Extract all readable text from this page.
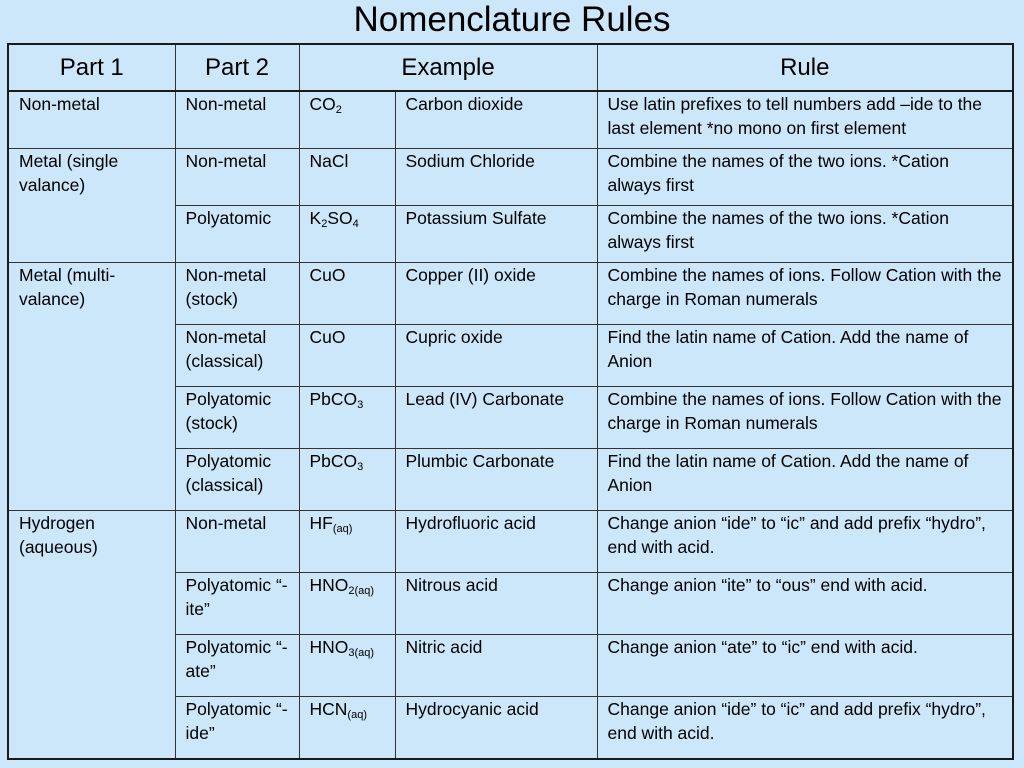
Nomenclature Rules
Part 1	Part 2	Example		Rule
Non-metal	Non-metal	$CO_2$	Carbon dioxide	Use latin prefixes to tell numbers add –ide to the last element *no mono on first element
Metal (single valance)	Non-metal	NaCl	Sodium Chloride	Combine the names of the two ions. *Cation always first
	Polyatomic	$K_2SO_4$	Potassium Sulfate	Combine the names of the two ions. *Cation always first
Metal (multi-valance)	Non-metal (stock)	CuO	Copper (II) oxide	Combine the names of ions. Follow Cation with the charge in Roman numerals
	Non-metal (classical)	CuO	Cupric oxide	Find the latin name of Cation. Add the name of Anion
	Polyatomic (stock)	PbCO$_3$	Lead (IV) Carbonate	Combine the names of ions. Follow Cation with the charge in Roman numerals
	Polyatomic (classical)	PbCO$_3$	Plumbic Carbonate	Find the latin name of Cation. Add the name of Anion
Hydrogen (aqueous)	Non-metal	$HF_{(aq)}$	Hydrofluoric acid	Change anion “ide” to “ic” and add prefix “hydro”, end with acid.
	Polyatomic “-ite”	$HNO_{2(aq)}$	Nitrous acid	Change anion “ite” to “ous” end with acid.
	Polyatomic “-ate”	$HNO_{3(aq)}$	Nitric acid	Change anion “ate” to “ic” end with acid.
	Polyatomic “-ide”	$HCN_{(aq)}$	Hydrocyanic acid	Change anion “ide” to “ic” and add prefix “hydro”, end with acid.
